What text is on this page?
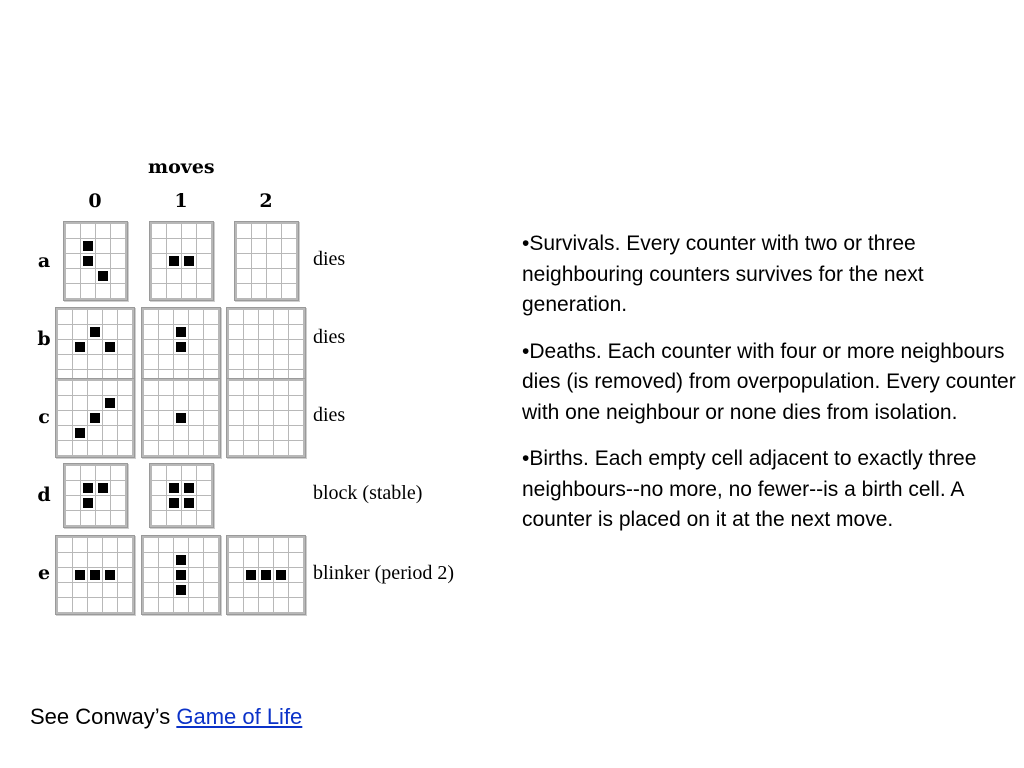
moves
0	1	2
a
b
c
d
e
dies
dies
dies
block (stable)
blinker (period 2)

•Survivals. Every counter with two or three neighbouring counters survives for the next generation.

•Deaths. Each counter with four or more neighbours dies (is removed) from overpopulation. Every counter with one neighbour or none dies from isolation.

•Births. Each empty cell adjacent to exactly three neighbours--no more, no fewer--is a birth cell. A counter is placed on it at the next move.

See Conway’s Game of Life
